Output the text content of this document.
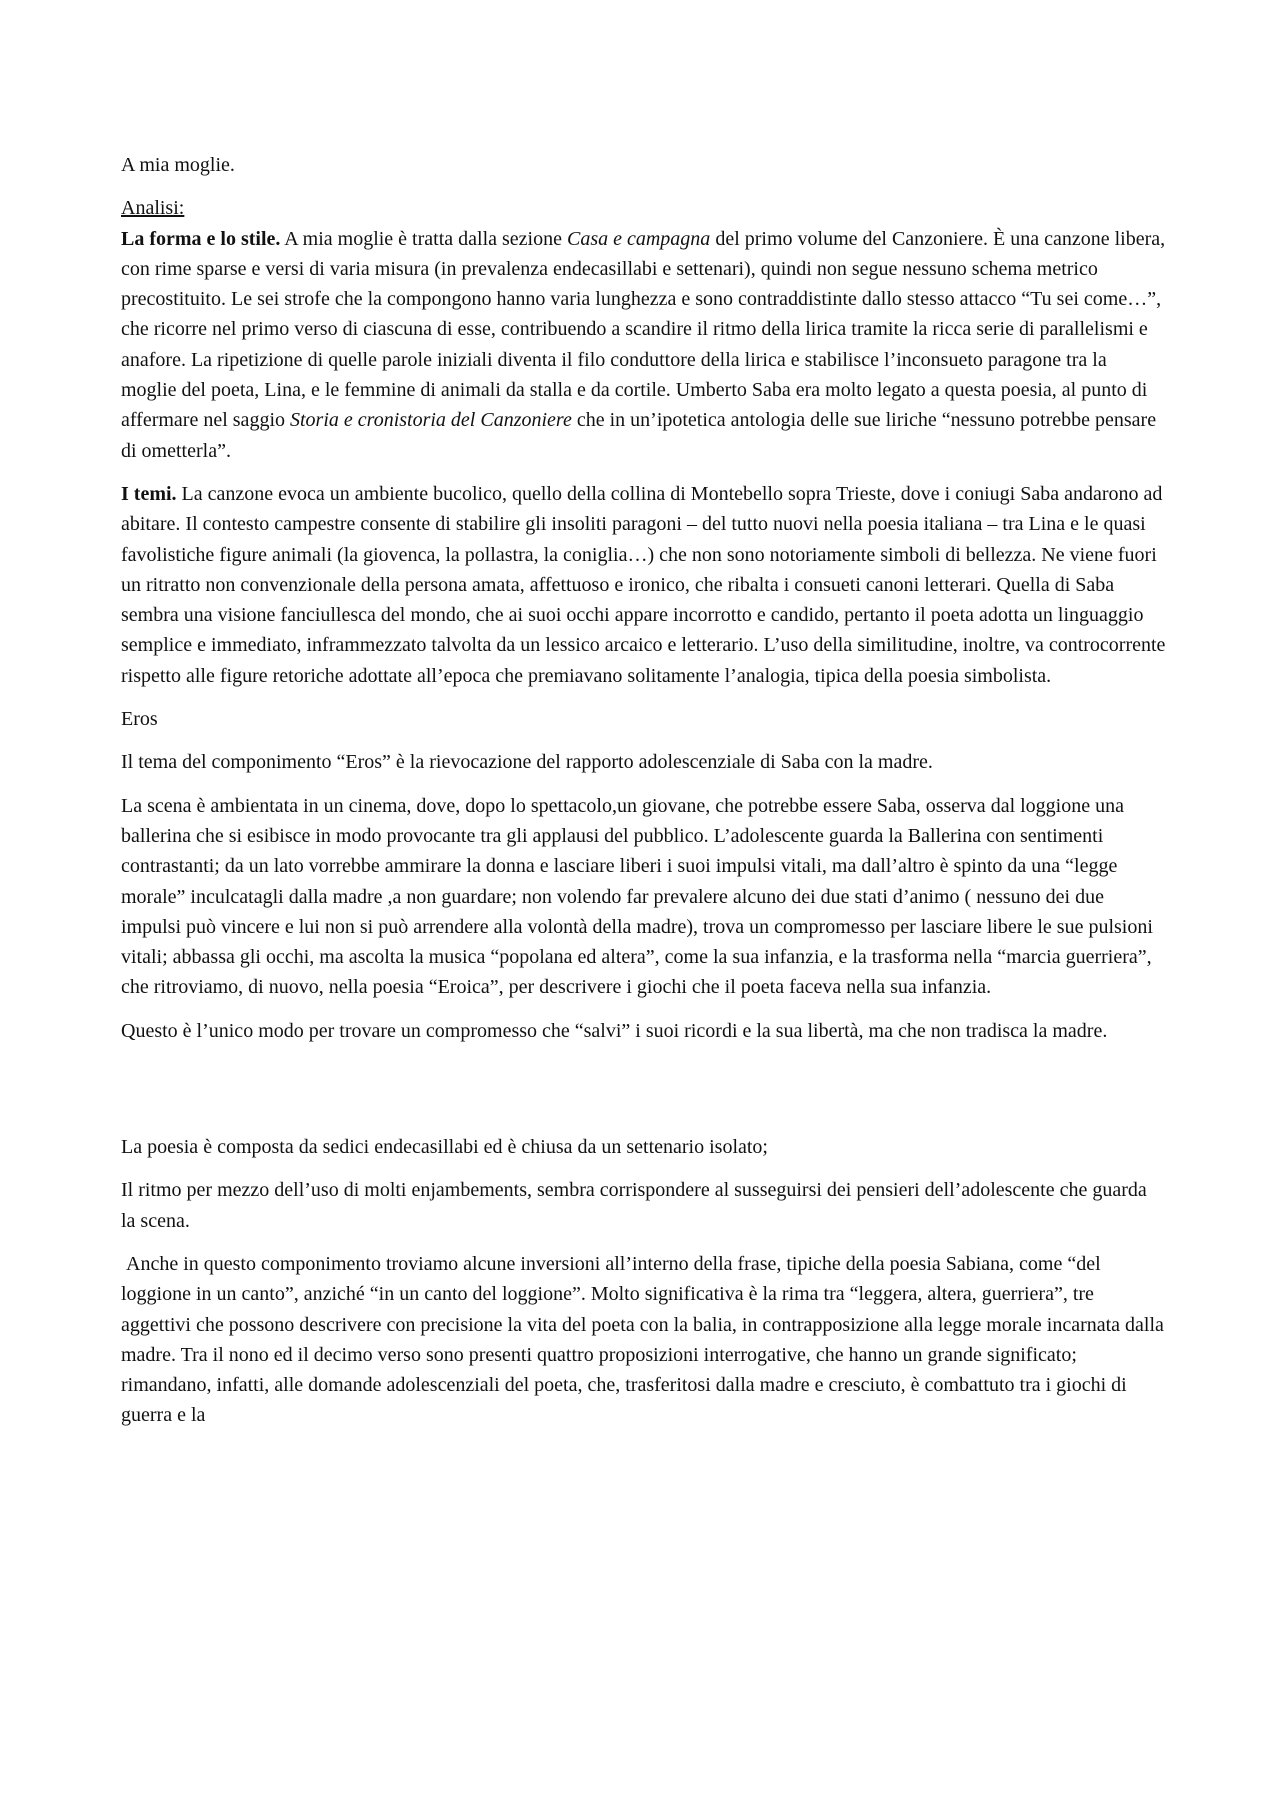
A mia moglie.

Analisi:

La forma e lo stile. A mia moglie è tratta dalla sezione Casa e campagna del primo volume del Canzoniere. È una canzone libera, con rime sparse e versi di varia misura (in prevalenza endecasillabi e settenari), quindi non segue nessuno schema metrico precostituito. Le sei strofe che la compongono hanno varia lunghezza e sono contraddistinte dallo stesso attacco “Tu sei come…”, che ricorre nel primo verso di ciascuna di esse, contribuendo a scandire il ritmo della lirica tramite la ricca serie di parallelismi e anafore. La ripetizione di quelle parole iniziali diventa il filo conduttore della lirica e stabilisce l’inconsueto paragone tra la moglie del poeta, Lina, e le femmine di animali da stalla e da cortile. Umberto Saba era molto legato a questa poesia, al punto di affermare nel saggio Storia e cronistoria del Canzoniere che in un’ipotetica antologia delle sue liriche “nessuno potrebbe pensare di ometterla”.

I temi. La canzone evoca un ambiente bucolico, quello della collina di Montebello sopra Trieste, dove i coniugi Saba andarono ad abitare. Il contesto campestre consente di stabilire gli insoliti paragoni – del tutto nuovi nella poesia italiana – tra Lina e le quasi favolistiche figure animali (la giovenca, la pollastra, la coniglia…) che non sono notoriamente simboli di bellezza. Ne viene fuori un ritratto non convenzionale della persona amata, affettuoso e ironico, che ribalta i consueti canoni letterari. Quella di Saba sembra una visione fanciullesca del mondo, che ai suoi occhi appare incorrotto e candido, pertanto il poeta adotta un linguaggio semplice e immediato, inframmezzato talvolta da un lessico arcaico e letterario. L’uso della similitudine, inoltre, va controcorrente rispetto alle figure retoriche adottate all’epoca che premiavano solitamente l’analogia, tipica della poesia simbolista.

Eros

Il tema del componimento “Eros” è la rievocazione del rapporto adolescenziale di Saba con la madre.

La scena è ambientata in un cinema, dove, dopo lo spettacolo,un giovane, che potrebbe essere Saba, osserva dal loggione una ballerina che si esibisce in modo provocante tra gli applausi del pubblico. L’adolescente guarda la Ballerina con sentimenti contrastanti; da un lato vorrebbe ammirare la donna e lasciare liberi i suoi impulsi vitali, ma dall’altro è spinto da una “legge morale” inculcatagli dalla madre ,a non guardare; non volendo far prevalere alcuno dei due stati d’animo ( nessuno dei due impulsi può vincere e lui non si può arrendere alla volontà della madre), trova un compromesso per lasciare libere le sue pulsioni vitali; abbassa gli occhi, ma ascolta la musica “popolana ed altera”, come la sua infanzia, e la trasforma nella “marcia guerriera”, che ritroviamo, di nuovo, nella poesia “Eroica”, per descrivere i giochi che il poeta faceva nella sua infanzia.

Questo è l’unico modo per trovare un compromesso che “salvi” i suoi ricordi e la sua libertà, ma che non tradisca la madre.

La poesia è composta da sedici endecasillabi ed è chiusa da un settenario isolato;

Il ritmo per mezzo dell’uso di molti enjambements, sembra corrispondere al susseguirsi dei pensieri dell’adolescente che guarda la scena.

Anche in questo componimento troviamo alcune inversioni all’interno della frase, tipiche della poesia Sabiana, come “del loggione in un canto”, anziché “in un canto del loggione”. Molto significativa è la rima tra “leggera, altera, guerriera”, tre aggettivi che possono descrivere con precisione la vita del poeta con la balia, in contrapposizione alla legge morale incarnata dalla madre. Tra il nono ed il decimo verso sono presenti quattro proposizioni interrogative, che hanno un grande significato; rimandano, infatti, alle domande adolescenziali del poeta, che, trasferitosi dalla madre e cresciuto, è combattuto tra i giochi di guerra e la
